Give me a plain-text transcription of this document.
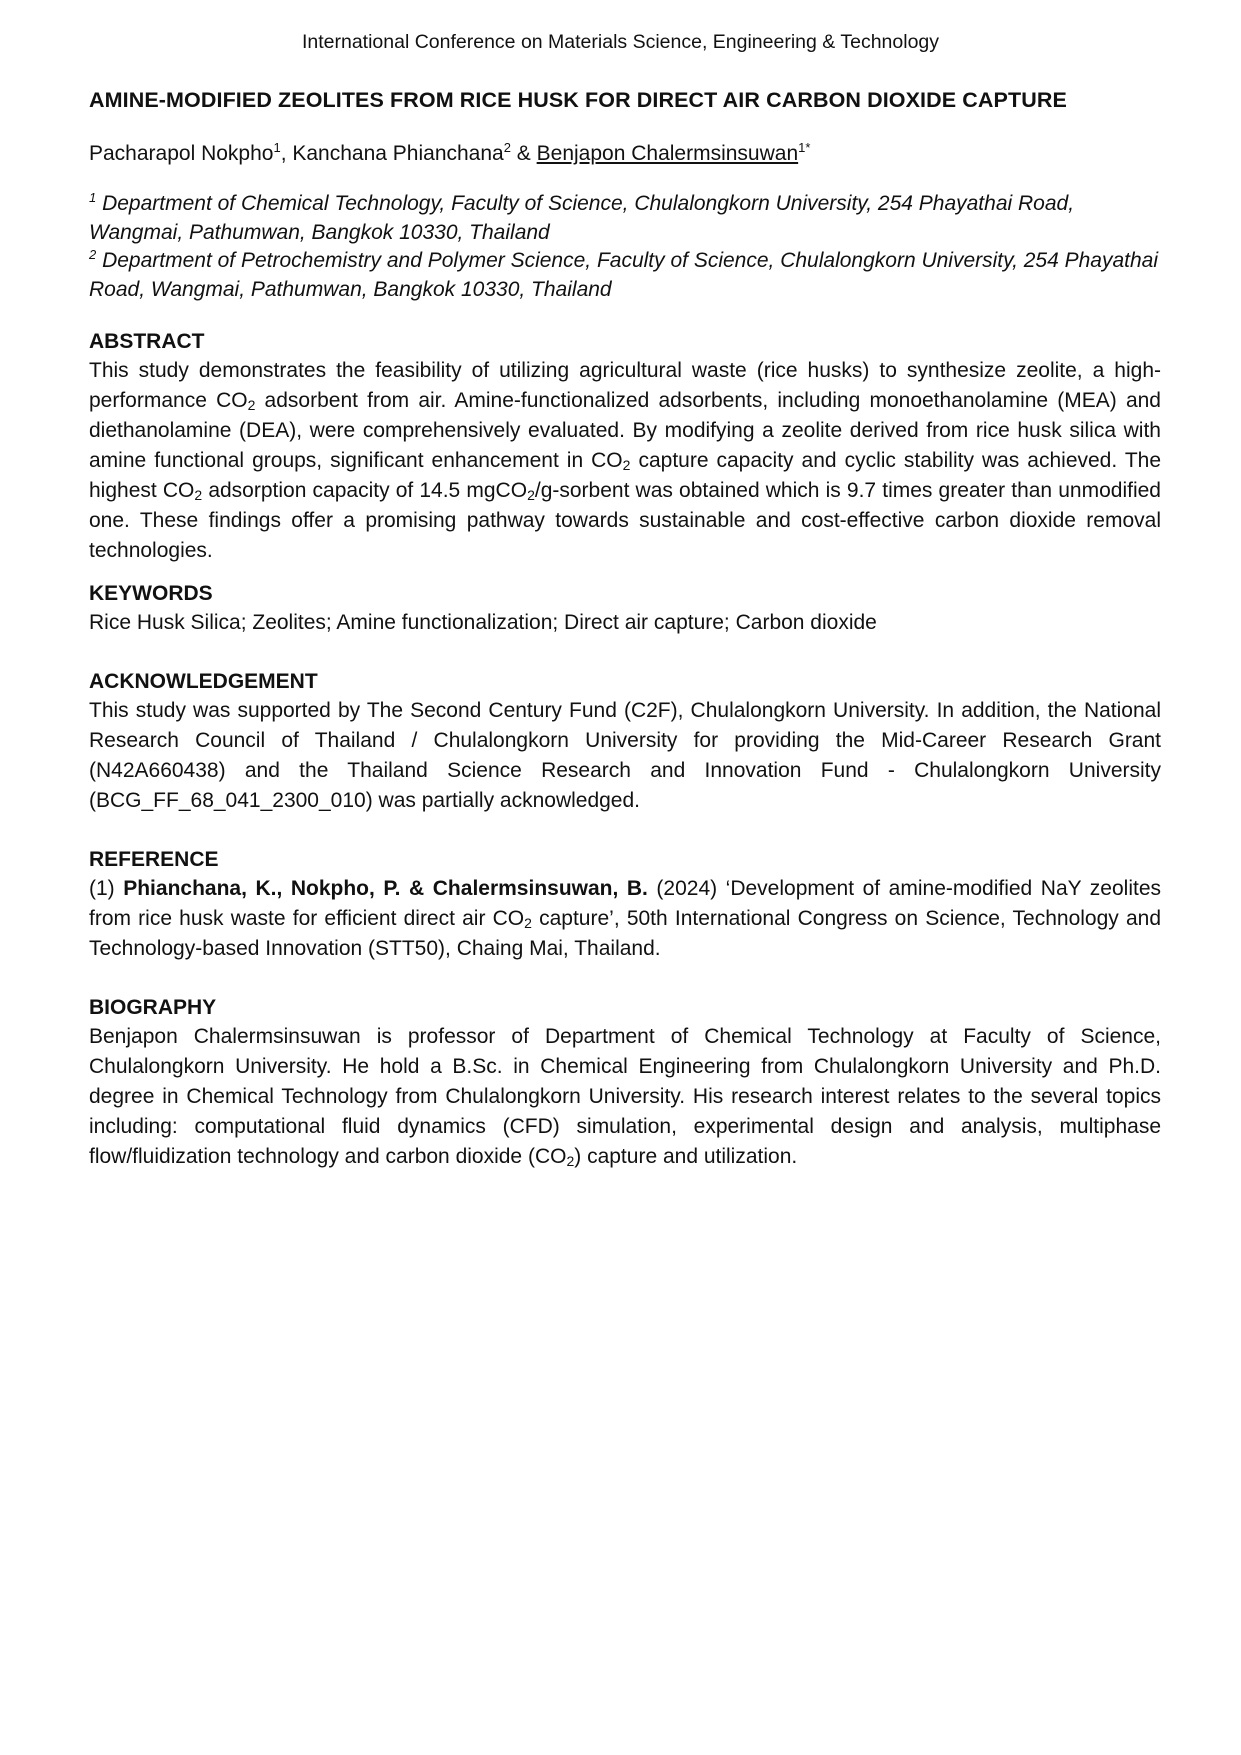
International Conference on Materials Science, Engineering & Technology
AMINE-MODIFIED ZEOLITES FROM RICE HUSK FOR DIRECT AIR CARBON DIOXIDE CAPTURE
Pacharapol Nokpho$^1$, Kanchana Phianchana$^2$ & Benjapon Chalermsinsuwan$^{1*}$

$^1$ Department of Chemical Technology, Faculty of Science, Chulalongkorn University, 254 Phayathai Road, Wangmai, Pathumwan, Bangkok 10330, Thailand

$^2$ Department of Petrochemistry and Polymer Science, Faculty of Science, Chulalongkorn University, 254 Phayathai Road, Wangmai, Pathumwan, Bangkok 10330, Thailand

ABSTRACT

This study demonstrates the feasibility of utilizing agricultural waste (rice husks) to synthesize zeolite, a high-performance $CO_2$ adsorbent from air. Amine-functionalized adsorbents, including monoethanolamine (MEA) and diethanolamine (DEA), were comprehensively evaluated. By modifying a zeolite derived from rice husk silica with amine functional groups, significant enhancement in $CO_2$ capture capacity and cyclic stability was achieved. The highest $CO_2$ adsorption capacity of 14.5 mgCO$_2$/g-sorbent was obtained which is 9.7 times greater than unmodified one. These findings offer a promising pathway towards sustainable and cost-effective carbon dioxide removal technologies.

KEYWORDS

Rice Husk Silica; Zeolites; Amine functionalization; Direct air capture; Carbon dioxide

ACKNOWLEDGEMENT

This study was supported by The Second Century Fund (C2F), Chulalongkorn University. In addition, the National Research Council of Thailand / Chulalongkorn University for providing the Mid-Career Research Grant (N42A660438) and the Thailand Science Research and Innovation Fund - Chulalongkorn University (BCG_FF_68_041_2300_010) was partially acknowledged.

REFERENCE

(1) Phianchana, K., Nokpho, P. & Chalermsinsuwan, B. (2024) ‘Development of amine-modified NaY zeolites from rice husk waste for efficient direct air $CO_2$ capture’, 50th International Congress on Science, Technology and Technology-based Innovation (STT50), Chaing Mai, Thailand.

BIOGRAPHY

Benjapon Chalermsinsuwan is professor of Department of Chemical Technology at Faculty of Science, Chulalongkorn University. He hold a B.Sc. in Chemical Engineering from Chulalongkorn University and Ph.D. degree in Chemical Technology from Chulalongkorn University. His research interest relates to the several topics including: computational fluid dynamics (CFD) simulation, experimental design and analysis, multiphase flow/fluidization technology and carbon dioxide $(CO_2)$ capture and utilization.
